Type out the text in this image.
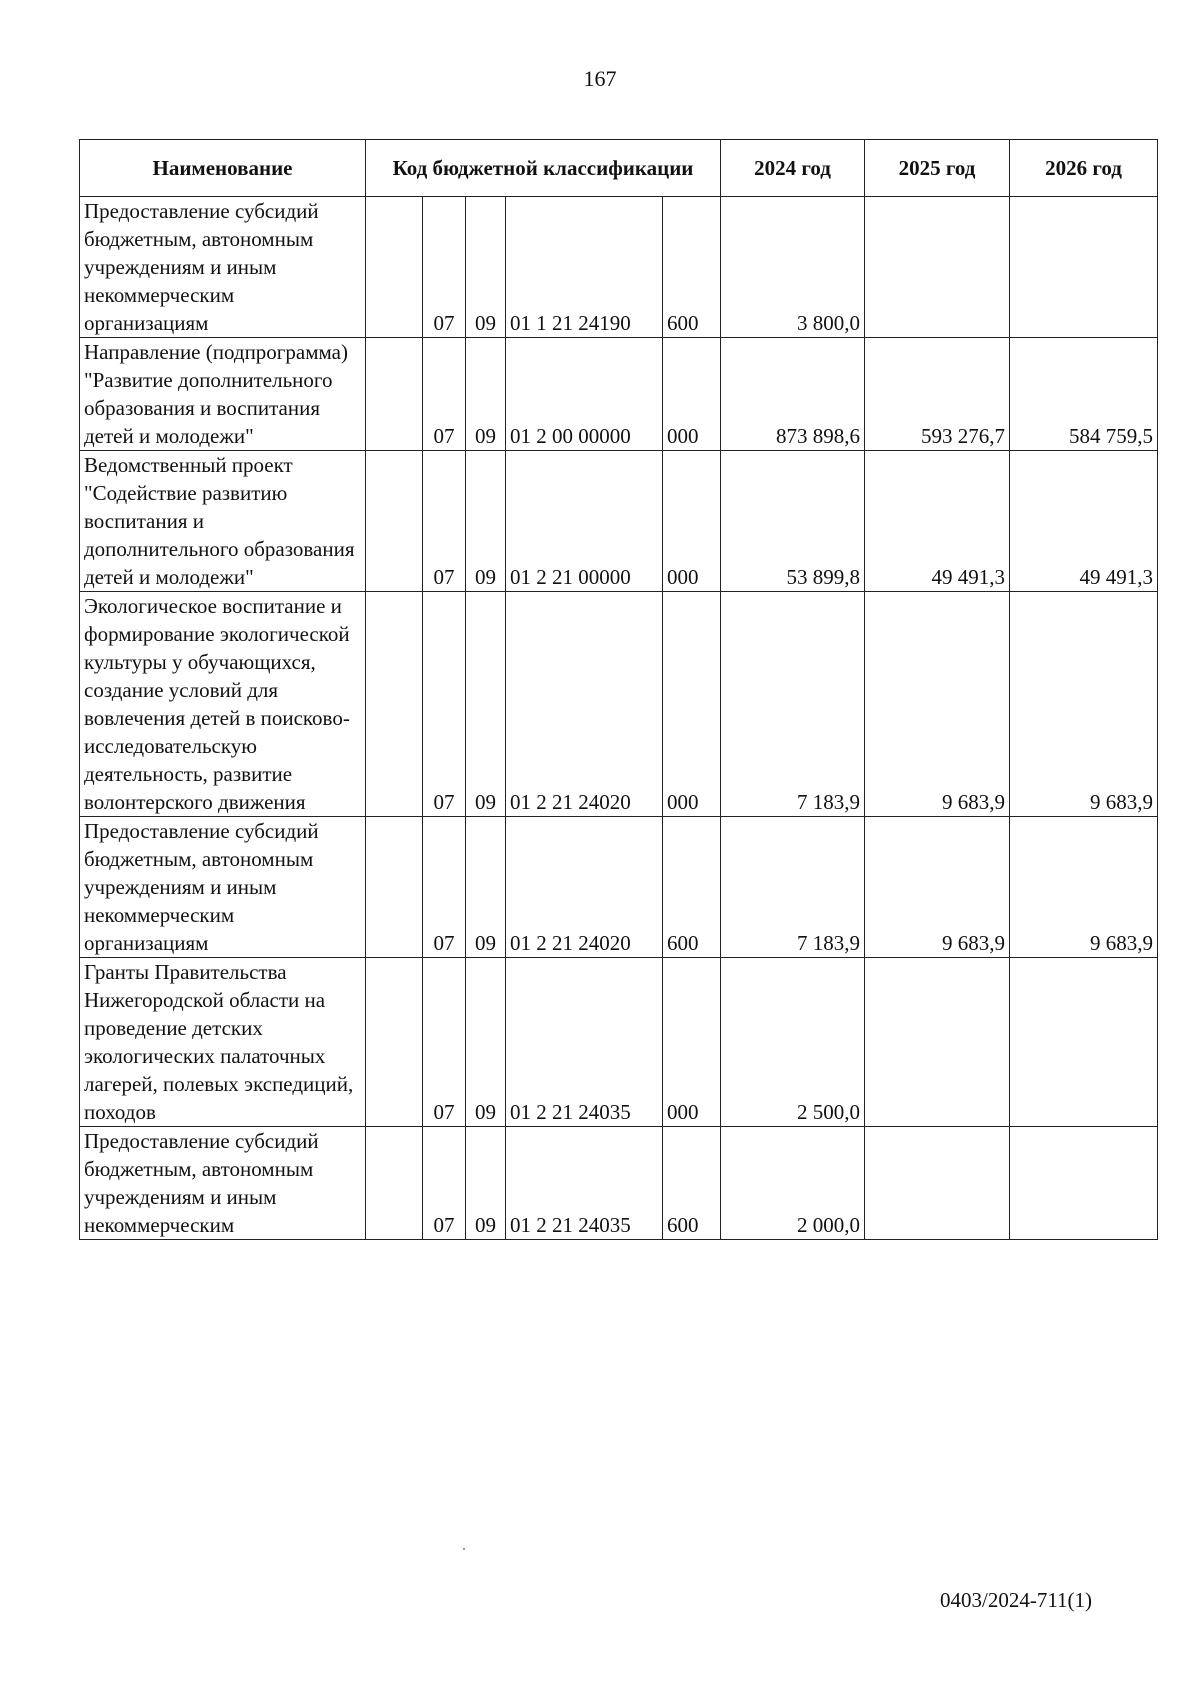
167
Наименование	Код бюджетной классификации					2024 год	2025 год	2026 год
Предоставление субсидий бюджетным, автономным учреждениям и иным некоммерческим организациям		07	09	01 1 21 24190	600	3 800,0		
Направление (подпрограмма) "Развитие дополнительного образования и воспитания детей и молодежи"		07	09	01 2 00 00000	000	873 898,6	593 276,7	584 759,5
Ведомственный проект "Содействие развитию воспитания и дополнительного образования детей и молодежи"		07	09	01 2 21 00000	000	53 899,8	49 491,3	49 491,3
Экологическое воспитание и формирование экологической культуры у обучающихся, создание условий для вовлечения детей в поисково-исследовательскую деятельность, развитие волонтерского движения		07	09	01 2 21 24020	000	7 183,9	9 683,9	9 683,9
Предоставление субсидий бюджетным, автономным учреждениям и иным некоммерческим организациям		07	09	01 2 21 24020	600	7 183,9	9 683,9	9 683,9
Гранты Правительства Нижегородской области на проведение детских экологических палаточных лагерей, полевых экспедиций, походов		07	09	01 2 21 24035	000	2 500,0		
Предоставление субсидий бюджетным, автономным учреждениям и иным некоммерческим		07	09	01 2 21 24035	600	2 000,0		
0403/2024-711(1)
